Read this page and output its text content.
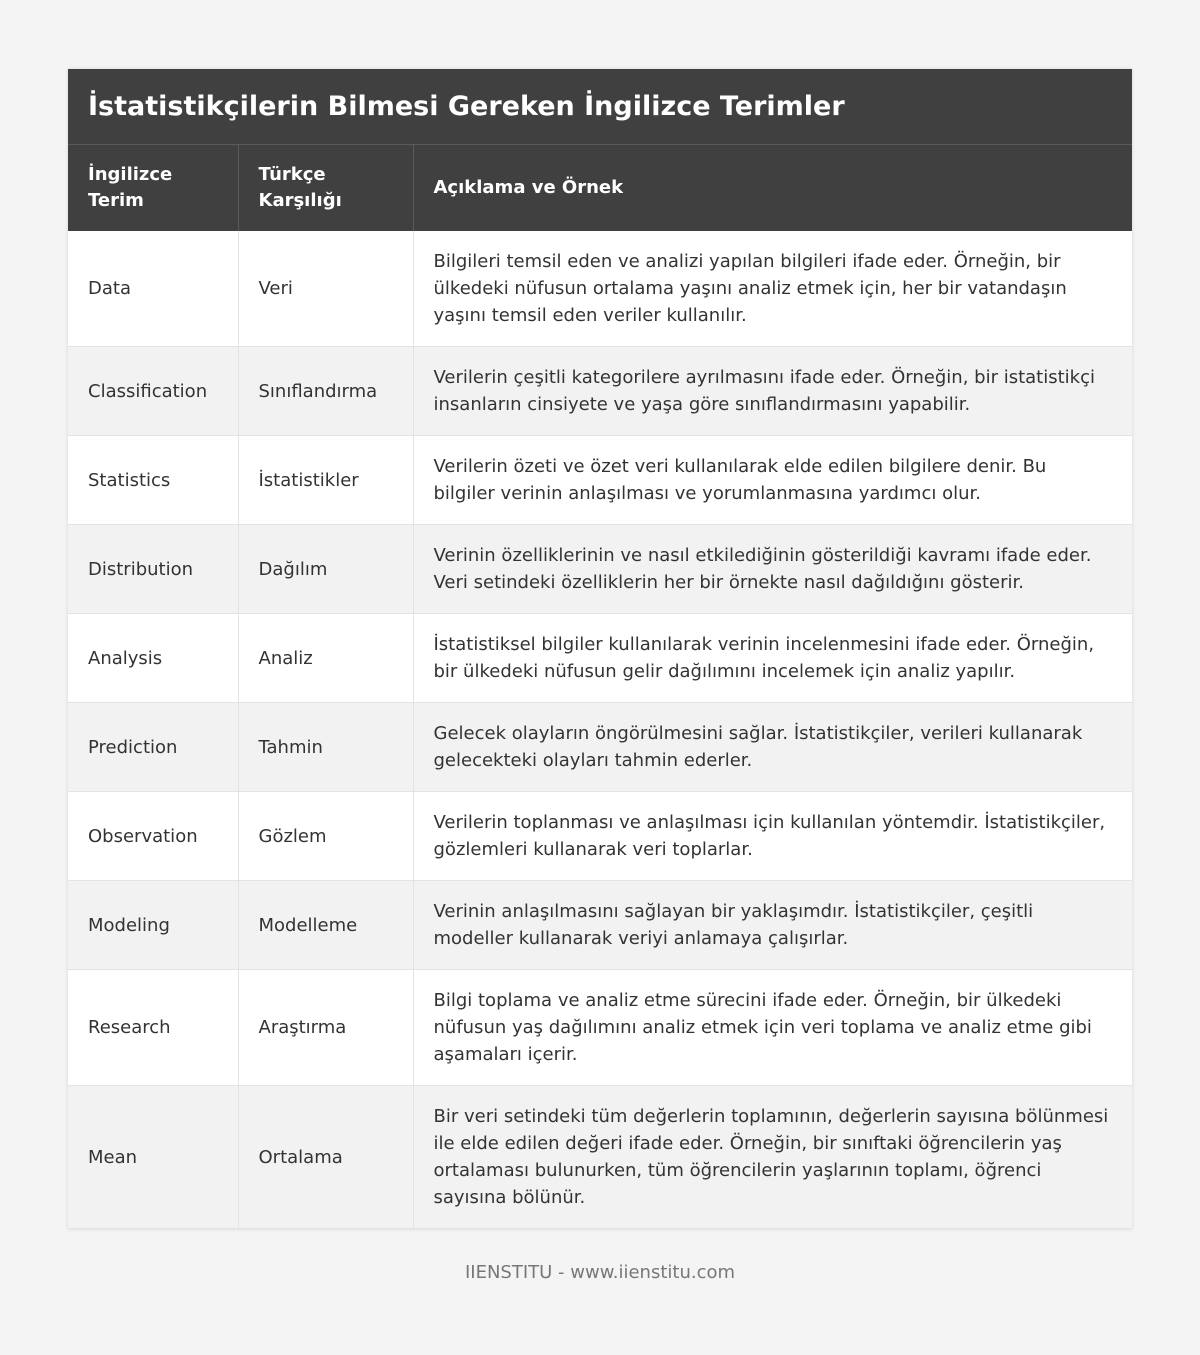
İstatistikçilerin Bilmesi Gereken İngilizce Terimler
İngilizce Terim	Türkçe Karşılığı	Açıklama ve Örnek
Data	Veri	Bilgileri temsil eden ve analizi yapılan bilgileri ifade eder. Örneğin, bir ülkedeki nüfusun ortalama yaşını analiz etmek için, her bir vatandaşın yaşını temsil eden veriler kullanılır.
Classification	Sınıflandırma	Verilerin çeşitli kategorilere ayrılmasını ifade eder. Örneğin, bir istatistikçi insanların cinsiyete ve yaşa göre sınıflandırmasını yapabilir.
Statistics	İstatistikler	Verilerin özeti ve özet veri kullanılarak elde edilen bilgilere denir. Bu bilgiler verinin anlaşılması ve yorumlanmasına yardımcı olur.
Distribution	Dağılım	Verinin özelliklerinin ve nasıl etkilediğinin gösterildiği kavramı ifade eder. Veri setindeki özelliklerin her bir örnekte nasıl dağıldığını gösterir.
Analysis	Analiz	İstatistiksel bilgiler kullanılarak verinin incelenmesini ifade eder. Örneğin, bir ülkedeki nüfusun gelir dağılımını incelemek için analiz yapılır.
Prediction	Tahmin	Gelecek olayların öngörülmesini sağlar. İstatistikçiler, verileri kullanarak gelecekteki olayları tahmin ederler.
Observation	Gözlem	Verilerin toplanması ve anlaşılması için kullanılan yöntemdir. İstatistikçiler, gözlemleri kullanarak veri toplarlar.
Modeling	Modelleme	Verinin anlaşılmasını sağlayan bir yaklaşımdır. İstatistikçiler, çeşitli modeller kullanarak veriyi anlamaya çalışırlar.
Research	Araştırma	Bilgi toplama ve analiz etme sürecini ifade eder. Örneğin, bir ülkedeki nüfusun yaş dağılımını analiz etmek için veri toplama ve analiz etme gibi aşamaları içerir.
Mean	Ortalama	Bir veri setindeki tüm değerlerin toplamının, değerlerin sayısına bölünmesi ile elde edilen değeri ifade eder. Örneğin, bir sınıftaki öğrencilerin yaş ortalaması bulunurken, tüm öğrencilerin yaşlarının toplamı, öğrenci sayısına bölünür.
IIENSTITU - www.iienstitu.com
